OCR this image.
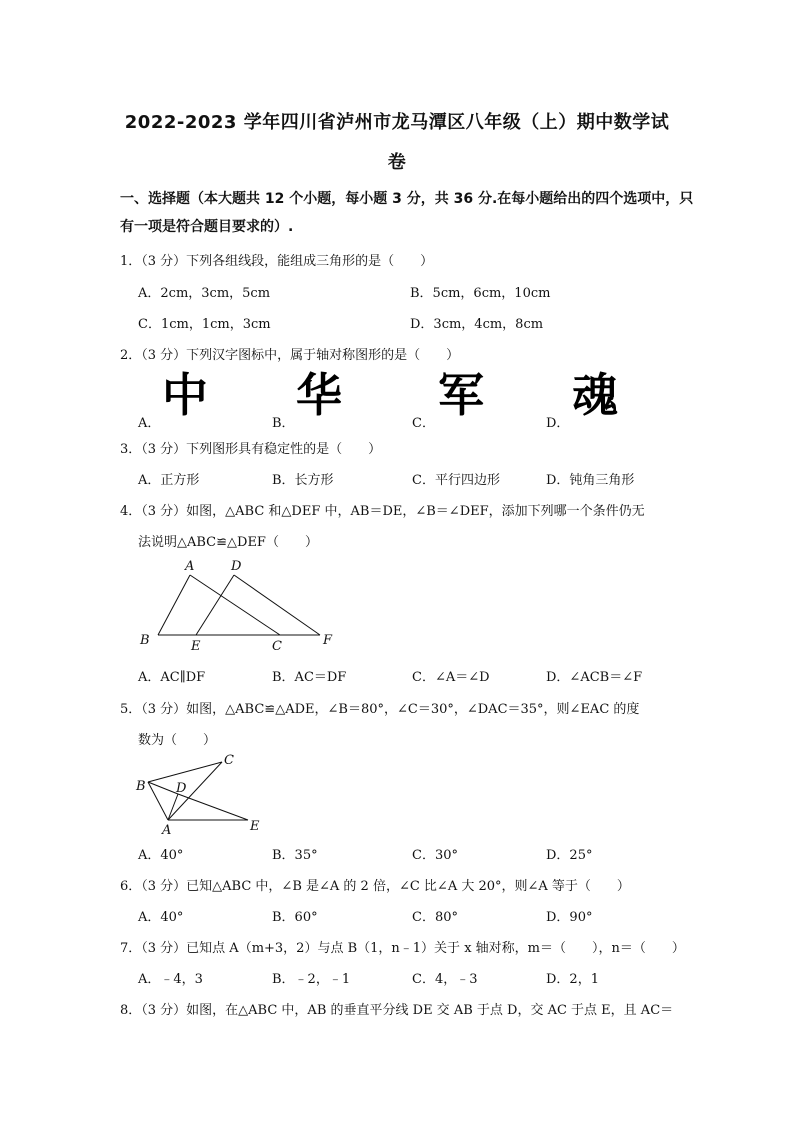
2022-2023 学年四川省泸州市龙马潭区八年级（上）期中数学试
卷
一、选择题（本大题共 12 个小题，每小题 3 分，共 36 分.在每小题给出的四个选项中，只
有一项是符合题目要求的）.
1．（3 分）下列各组线段，能组成三角形的是（　　）
A．2cm，3cm，5cm	B．5cm，6cm，10cm
C．1cm，1cm，3cm	D．3cm，4cm，8cm
2．（3 分）下列汉字图标中，属于轴对称图形的是（　　）
A．
中
B．
华
C．
军
D．
魂
3．（3 分）下列图形具有稳定性的是（　　）
A．正方形	B．长方形	C．平行四边形	D．钝角三角形
4．（3 分）如图，△ABC 和△DEF 中，AB＝DE，∠B＝∠DEF，添加下列哪一个条件仍无
法说明△ABC≌△DEF（　　）
A	D
B	E	C	F
A．AC∥DF	B．AC＝DF	C．∠A＝∠D	D．∠ACB＝∠F
5．（3 分）如图，△ABC≌△ADE，∠B＝80°，∠C＝30°，∠DAC＝35°，则∠EAC 的度
数为（　　）
C
B D
A	E
A．40°	B．35°	C．30°	D．25°
6．（3 分）已知△ABC 中，∠B 是∠A 的 2 倍，∠C 比∠A 大 20°，则∠A 等于（　　）
A．40°	B．60°	C．80°	D．90°
7．（3 分）已知点 A（m+3，2）与点 B（1，n﹣1）关于 x 轴对称，m＝（　　），n＝（　　）
A．﹣4，3	B．﹣2，﹣1	C．4，﹣3	D．2，1
8．（3 分）如图，在△ABC 中，AB 的垂直平分线 DE 交 AB 于点 D，交 AC 于点 E，且 AC＝
